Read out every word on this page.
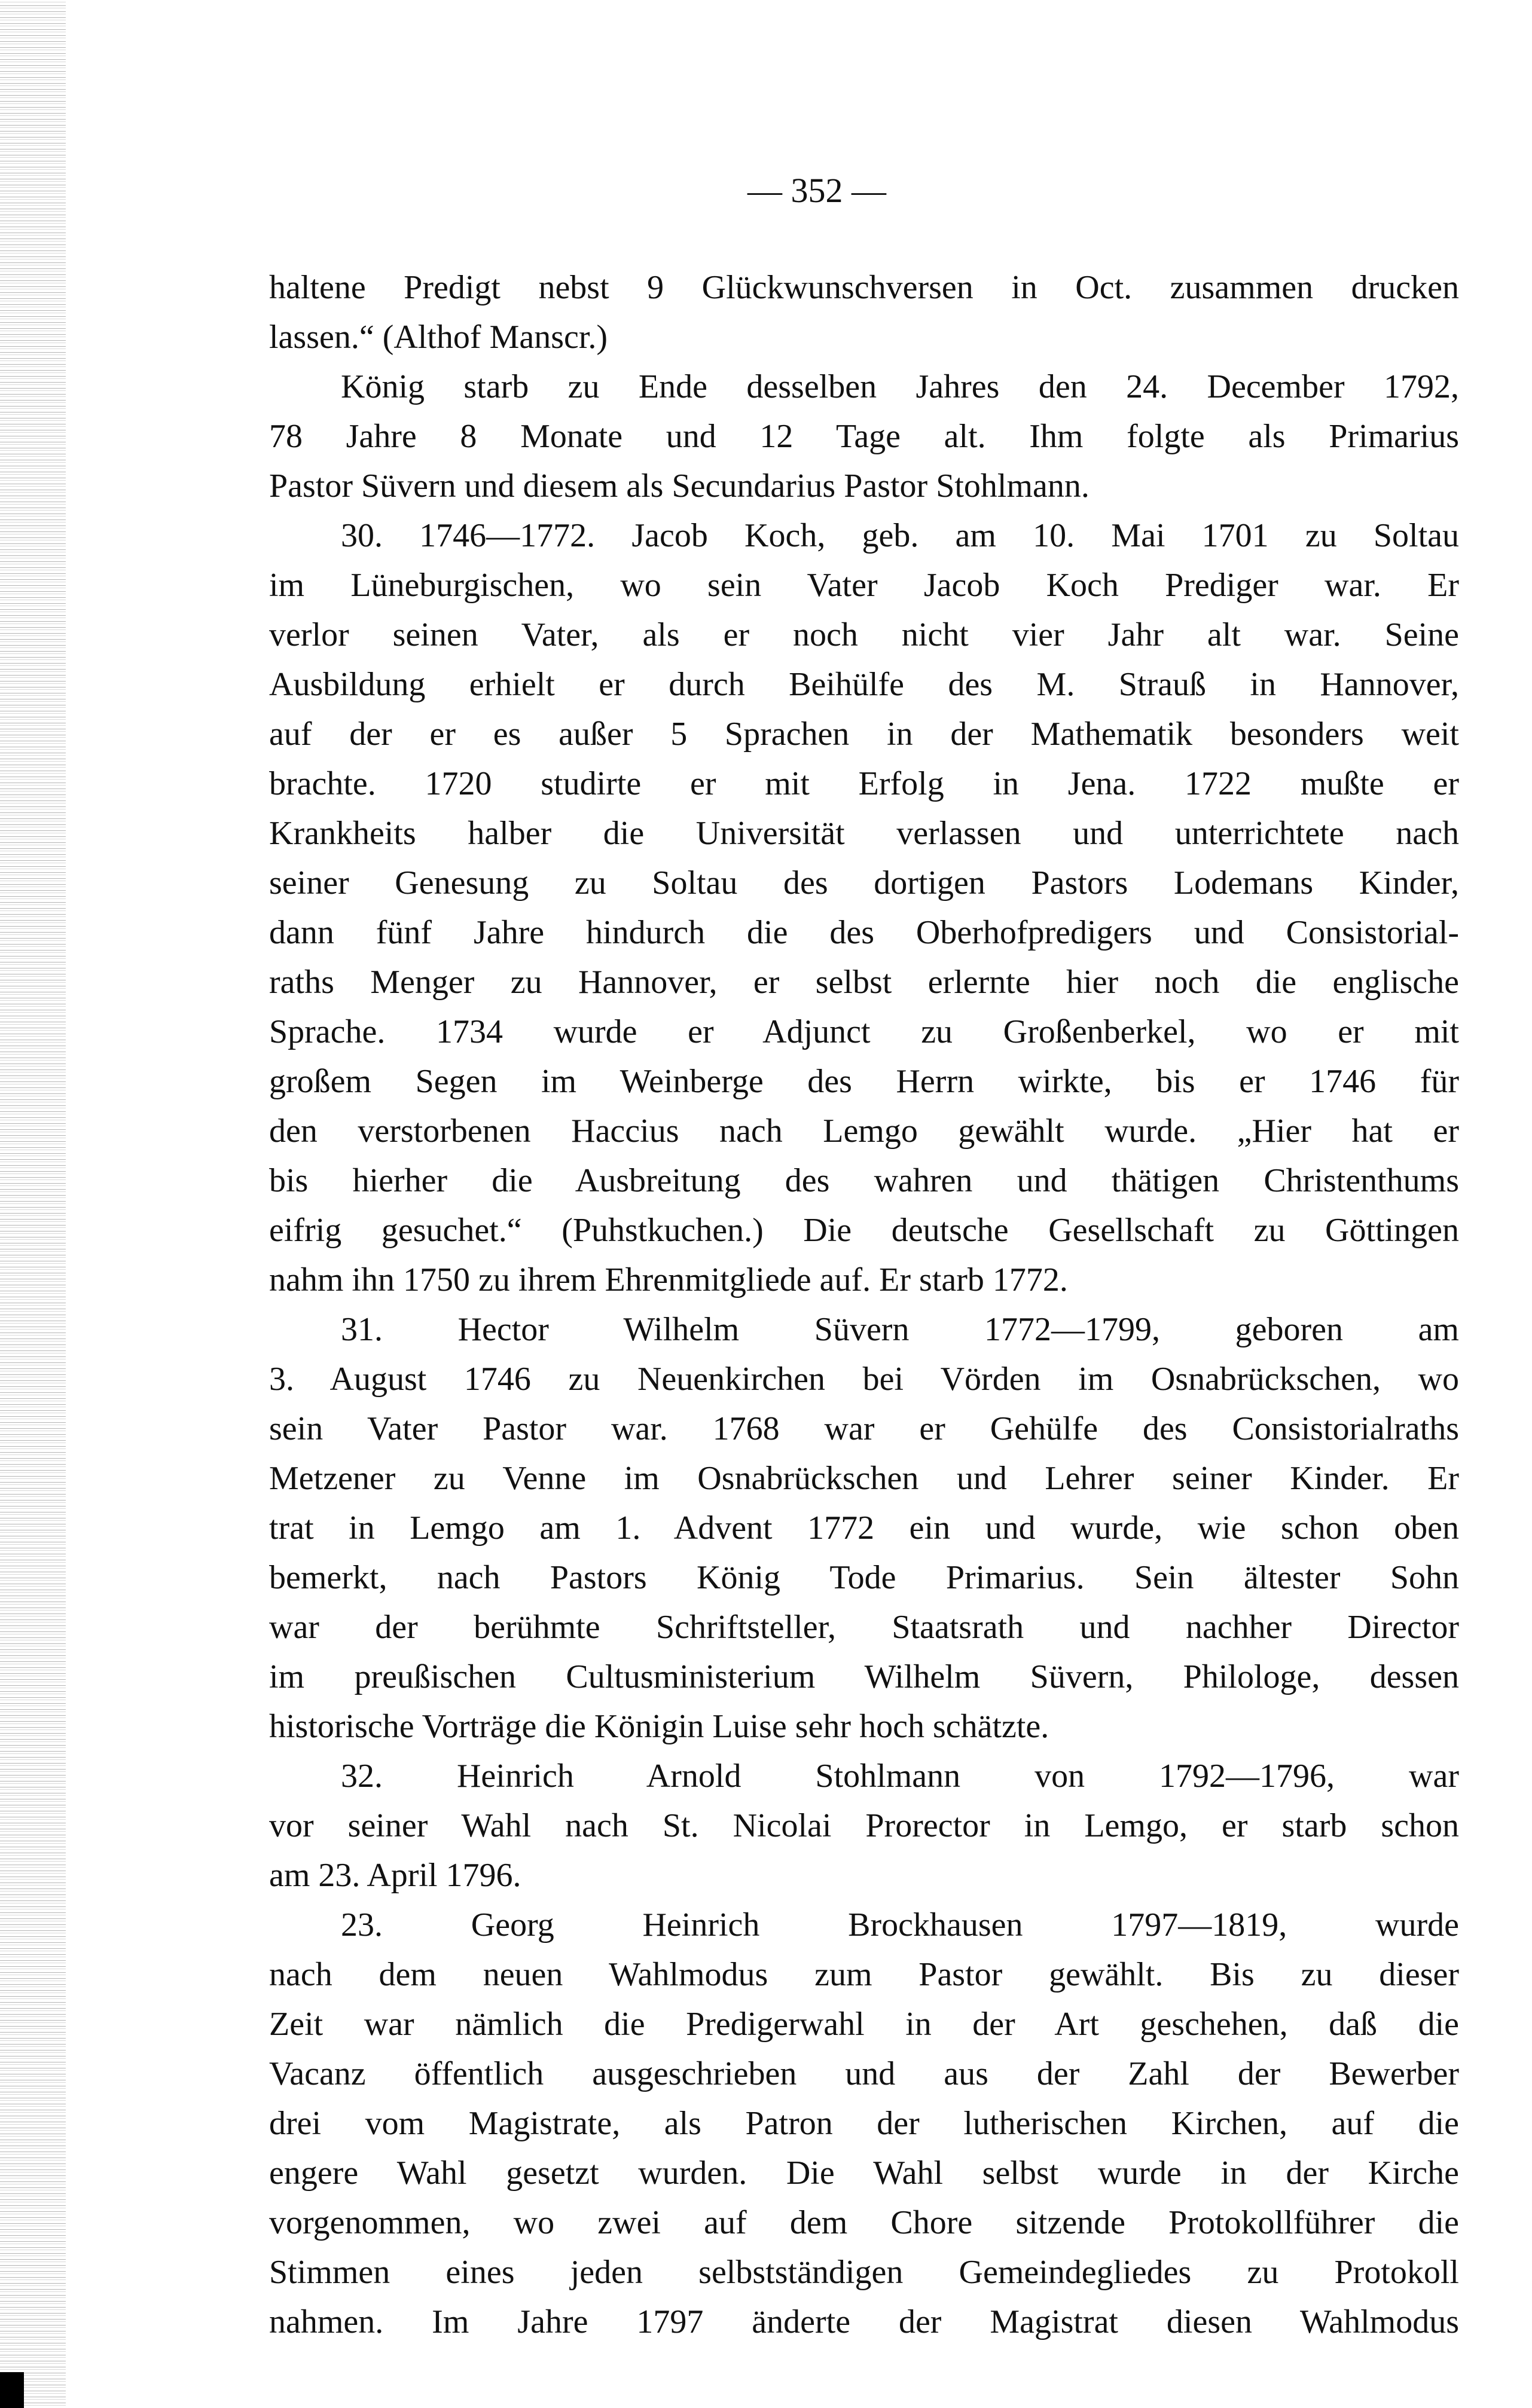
— 352 —
haltene Predigt nebst 9 Glückwunschversen in Oct. zusammen drucken
lassen.“ (Althof Manscr.)
König starb zu Ende desselben Jahres den 24. December 1792,
78 Jahre 8 Monate und 12 Tage alt. Ihm folgte als Primarius
Pastor Süvern und diesem als Secundarius Pastor Stohlmann.
30. 1746—1772. Jacob Koch, geb. am 10. Mai 1701 zu Soltau
im Lüneburgischen, wo sein Vater Jacob Koch Prediger war. Er
verlor seinen Vater, als er noch nicht vier Jahr alt war. Seine
Ausbildung erhielt er durch Beihülfe des M. Strauß in Hannover,
auf der er es außer 5 Sprachen in der Mathematik besonders weit
brachte. 1720 studirte er mit Erfolg in Jena. 1722 mußte er
Krankheits halber die Universität verlassen und unterrichtete nach
seiner Genesung zu Soltau des dortigen Pastors Lodemans Kinder,
dann fünf Jahre hindurch die des Oberhofpredigers und Consistorial-
raths Menger zu Hannover, er selbst erlernte hier noch die englische
Sprache. 1734 wurde er Adjunct zu Großenberkel, wo er mit
großem Segen im Weinberge des Herrn wirkte, bis er 1746 für
den verstorbenen Haccius nach Lemgo gewählt wurde. „Hier hat er
bis hierher die Ausbreitung des wahren und thätigen Christenthums
eifrig gesuchet.“ (Puhstkuchen.) Die deutsche Gesellschaft zu Göttingen
nahm ihn 1750 zu ihrem Ehrenmitgliede auf. Er starb 1772.
31. Hector Wilhelm Süvern 1772—1799, geboren am
3. August 1746 zu Neuenkirchen bei Vörden im Osnabrückschen, wo
sein Vater Pastor war. 1768 war er Gehülfe des Consistorialraths
Metzener zu Venne im Osnabrückschen und Lehrer seiner Kinder. Er
trat in Lemgo am 1. Advent 1772 ein und wurde, wie schon oben
bemerkt, nach Pastors König Tode Primarius. Sein ältester Sohn
war der berühmte Schriftsteller, Staatsrath und nachher Director
im preußischen Cultusministerium Wilhelm Süvern, Philologe, dessen
historische Vorträge die Königin Luise sehr hoch schätzte.
32. Heinrich Arnold Stohlmann von 1792—1796, war
vor seiner Wahl nach St. Nicolai Prorector in Lemgo, er starb schon
am 23. April 1796.
23. Georg Heinrich Brockhausen 1797—1819, wurde
nach dem neuen Wahlmodus zum Pastor gewählt. Bis zu dieser
Zeit war nämlich die Predigerwahl in der Art geschehen, daß die
Vacanz öffentlich ausgeschrieben und aus der Zahl der Bewerber
drei vom Magistrate, als Patron der lutherischen Kirchen, auf die
engere Wahl gesetzt wurden. Die Wahl selbst wurde in der Kirche
vorgenommen, wo zwei auf dem Chore sitzende Protokollführer die
Stimmen eines jeden selbstständigen Gemeindegliedes zu Protokoll
nahmen. Im Jahre 1797 änderte der Magistrat diesen Wahlmodus
